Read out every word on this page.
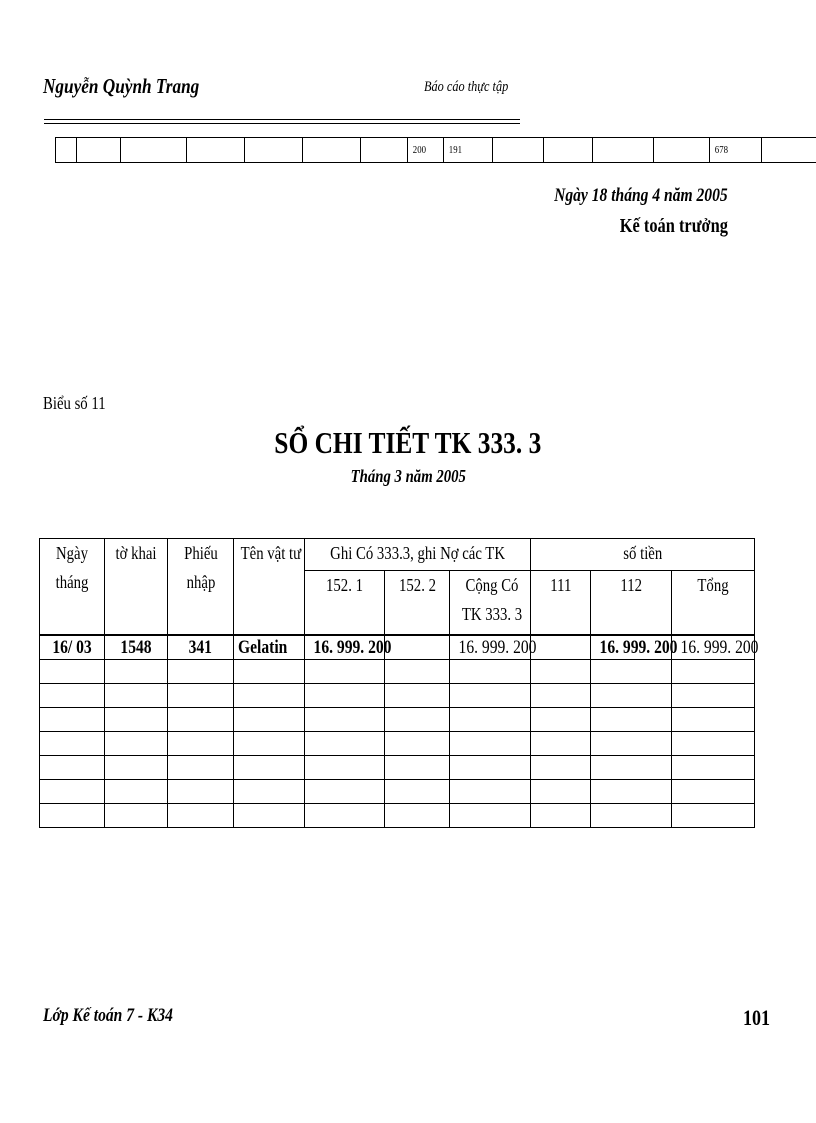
Nguyễn Quỳnh Trang	Báo cáo thực tập
							200	191					678	
Ngày 18 tháng 4 năm 2005
Kế toán trưởng
Biểu số 11
SỔ CHI TIẾT TK 333. 3
Tháng 3 năm 2005
Ngày tháng	tờ khai	Phiếu nhập	Tên vật tư	Ghi Có 333.3, ghi Nợ các TK			số tiền		
				152. 1	152. 2	Cộng Có TK 333. 3	111	112	Tổng
16/ 03	1548	341	Gelatin	16. 999. 200		16. 999. 200		16. 999. 200	16. 999. 200

Lớp Kế toán 7 - K34	101
